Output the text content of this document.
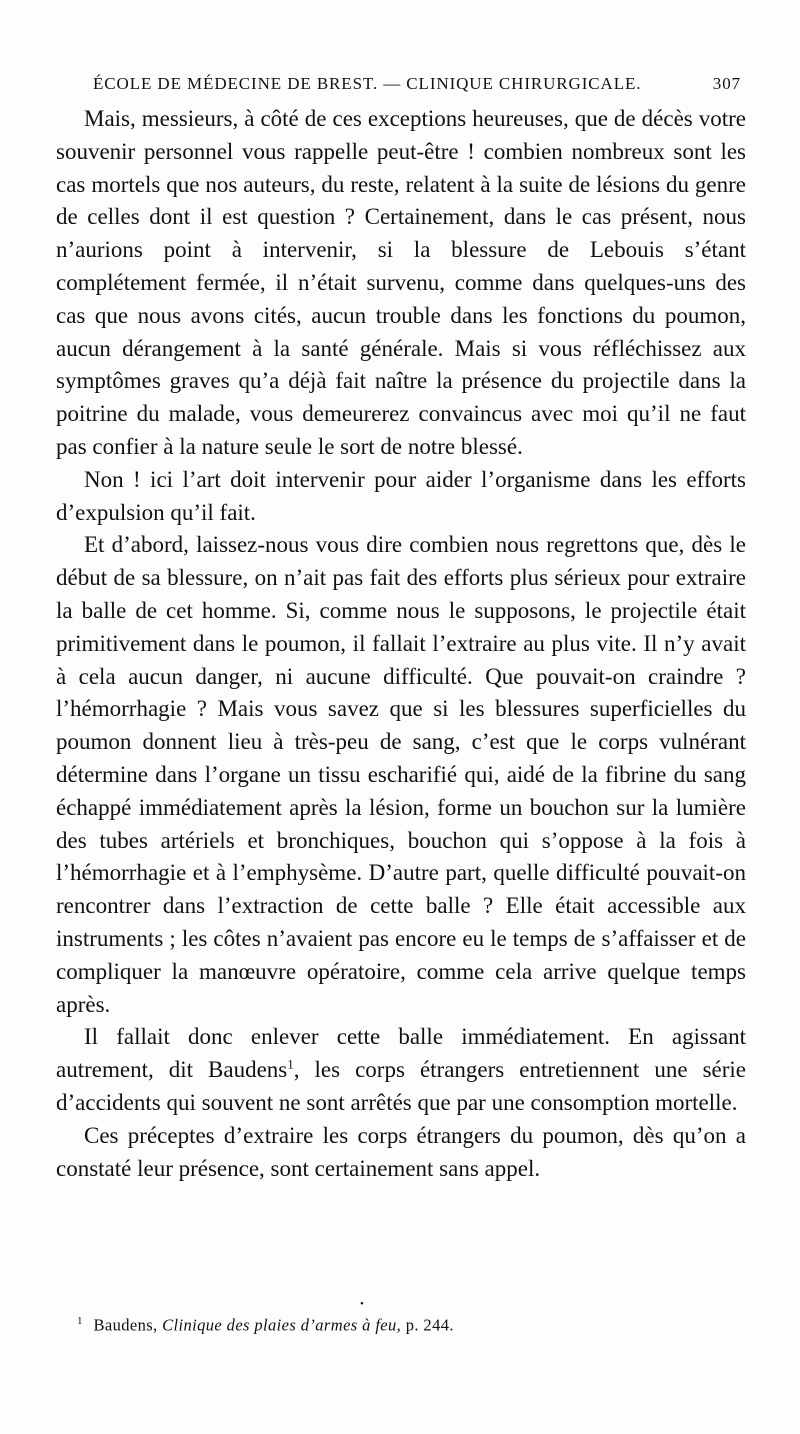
ÉCOLE DE MÉDECINE DE BREST. — CLINIQUE CHIRURGICALE.	307

Mais, messieurs, à côté de ces exceptions heureuses, que de décès votre souvenir personnel vous rappelle peut-être ! combien nombreux sont les cas mortels que nos auteurs, du reste, relatent à la suite de lésions du genre de celles dont il est question ? Certainement, dans le cas présent, nous n’aurions point à intervenir, si la blessure de Lebouis s’étant complétement fermée, il n’était survenu, comme dans quelques-uns des cas que nous avons cités, aucun trouble dans les fonctions du poumon, aucun dérangement à la santé générale. Mais si vous réfléchissez aux symptômes graves qu’a déjà fait naître la présence du projectile dans la poitrine du malade, vous demeurerez convaincus avec moi qu’il ne faut pas confier à la nature seule le sort de notre blessé.

Non ! ici l’art doit intervenir pour aider l’organisme dans les efforts d’expulsion qu’il fait.

Et d’abord, laissez-nous vous dire combien nous regrettons que, dès le début de sa blessure, on n’ait pas fait des efforts plus sérieux pour extraire la balle de cet homme. Si, comme nous le supposons, le projectile était primitivement dans le poumon, il fallait l’extraire au plus vite. Il n’y avait à cela aucun danger, ni aucune difficulté. Que pouvait-on craindre ? l’hémorrhagie ? Mais vous savez que si les blessures superficielles du poumon donnent lieu à très-peu de sang, c’est que le corps vulnérant détermine dans l’organe un tissu escharifié qui, aidé de la fibrine du sang échappé immédiatement après la lésion, forme un bouchon sur la lumière des tubes artériels et bronchiques, bouchon qui s’oppose à la fois à l’hémorrhagie et à l’emphysème. D’autre part, quelle difficulté pouvait-on rencontrer dans l’extraction de cette balle ? Elle était accessible aux instruments ; les côtes n’avaient pas encore eu le temps de s’affaisser et de compliquer la manœuvre opératoire, comme cela arrive quelque temps après.

Il fallait donc enlever cette balle immédiatement. En agissant autrement, dit Baudens$^1$, les corps étrangers entretiennent une série d’accidents qui souvent ne sont arrêtés que par une consomption mortelle.

Ces préceptes d’extraire les corps étrangers du poumon, dès qu’on a constaté leur présence, sont certainement sans appel.

•
$^1$ Baudens, Clinique des plaies d’armes à feu, p. 244.
